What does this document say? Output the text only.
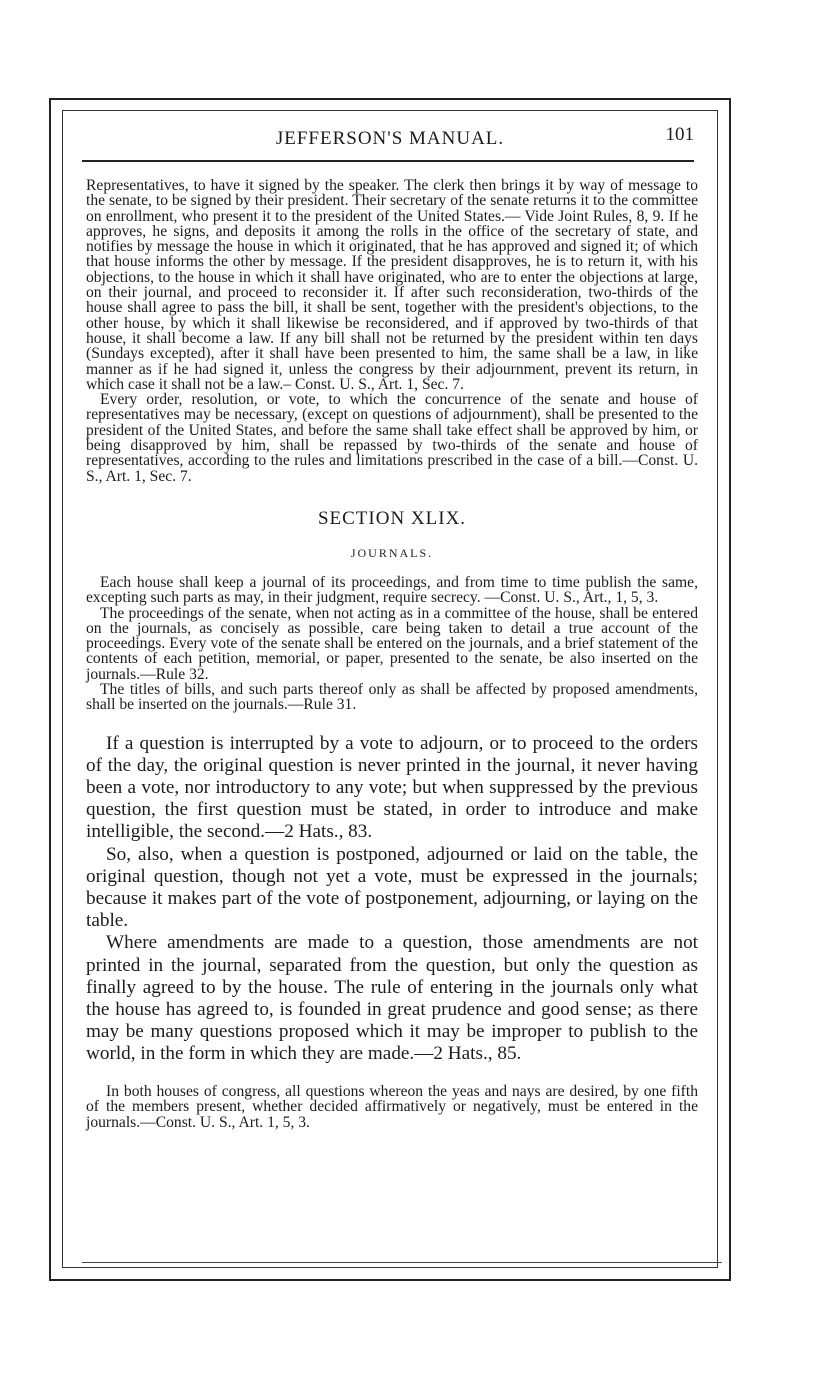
JEFFERSON'S MANUAL.	101

Representatives, to have it signed by the speaker. The clerk then brings it by way of message to the senate, to be signed by their president. Their secretary of the senate returns it to the committee on enrollment, who present it to the president of the United States.— Vide Joint Rules, 8, 9. If he approves, he signs, and deposits it among the rolls in the office of the secretary of state, and notifies by message the house in which it originated, that he has approved and signed it; of which that house informs the other by message. If the president disapproves, he is to return it, with his objections, to the house in which it shall have originated, who are to enter the objections at large, on their journal, and proceed to reconsider it. If after such reconsideration, two-thirds of the house shall agree to pass the bill, it shall be sent, together with the president's objections, to the other house, by which it shall likewise be reconsidered, and if approved by two-thirds of that house, it shall become a law. If any bill shall not be returned by the president within ten days (Sundays excepted), after it shall have been presented to him, the same shall be a law, in like manner as if he had signed it, unless the congress by their adjournment, prevent its return, in which case it shall not be a law.– Const. U. S., Art. 1, Sec. 7.

Every order, resolution, or vote, to which the concurrence of the senate and house of representatives may be necessary, (except on questions of adjournment), shall be presented to the president of the United States, and before the same shall take effect shall be approved by him, or being disapproved by him, shall be repassed by two-thirds of the senate and house of representatives, according to the rules and limitations prescribed in the case of a bill.—Const. U. S., Art. 1, Sec. 7.

SECTION XLIX.
JOURNALS.

Each house shall keep a journal of its proceedings, and from time to time publish the same, excepting such parts as may, in their judgment, require secrecy. —Const. U. S., Art., 1, 5, 3.

The proceedings of the senate, when not acting as in a committee of the house, shall be entered on the journals, as concisely as possible, care being taken to detail a true account of the proceedings. Every vote of the senate shall be entered on the journals, and a brief statement of the contents of each petition, memorial, or paper, presented to the senate, be also inserted on the journals.—Rule 32.

The titles of bills, and such parts thereof only as shall be affected by proposed amendments, shall be inserted on the journals.—Rule 31.

If a question is interrupted by a vote to adjourn, or to proceed to the orders of the day, the original question is never printed in the journal, it never having been a vote, nor introductory to any vote; but when suppressed by the previous question, the first question must be stated, in order to introduce and make intelligible, the second.—2 Hats., 83.

So, also, when a question is postponed, adjourned or laid on the table, the original question, though not yet a vote, must be expressed in the journals; because it makes part of the vote of postponement, adjourning, or laying on the table.

Where amendments are made to a question, those amendments are not printed in the journal, separated from the question, but only the question as finally agreed to by the house. The rule of entering in the journals only what the house has agreed to, is founded in great prudence and good sense; as there may be many questions proposed which it may be improper to publish to the world, in the form in which they are made.—2 Hats., 85.

In both houses of congress, all questions whereon the yeas and nays are desired, by one fifth of the members present, whether decided affirmatively or negatively, must be entered in the journals.—Const. U. S., Art. 1, 5, 3.
